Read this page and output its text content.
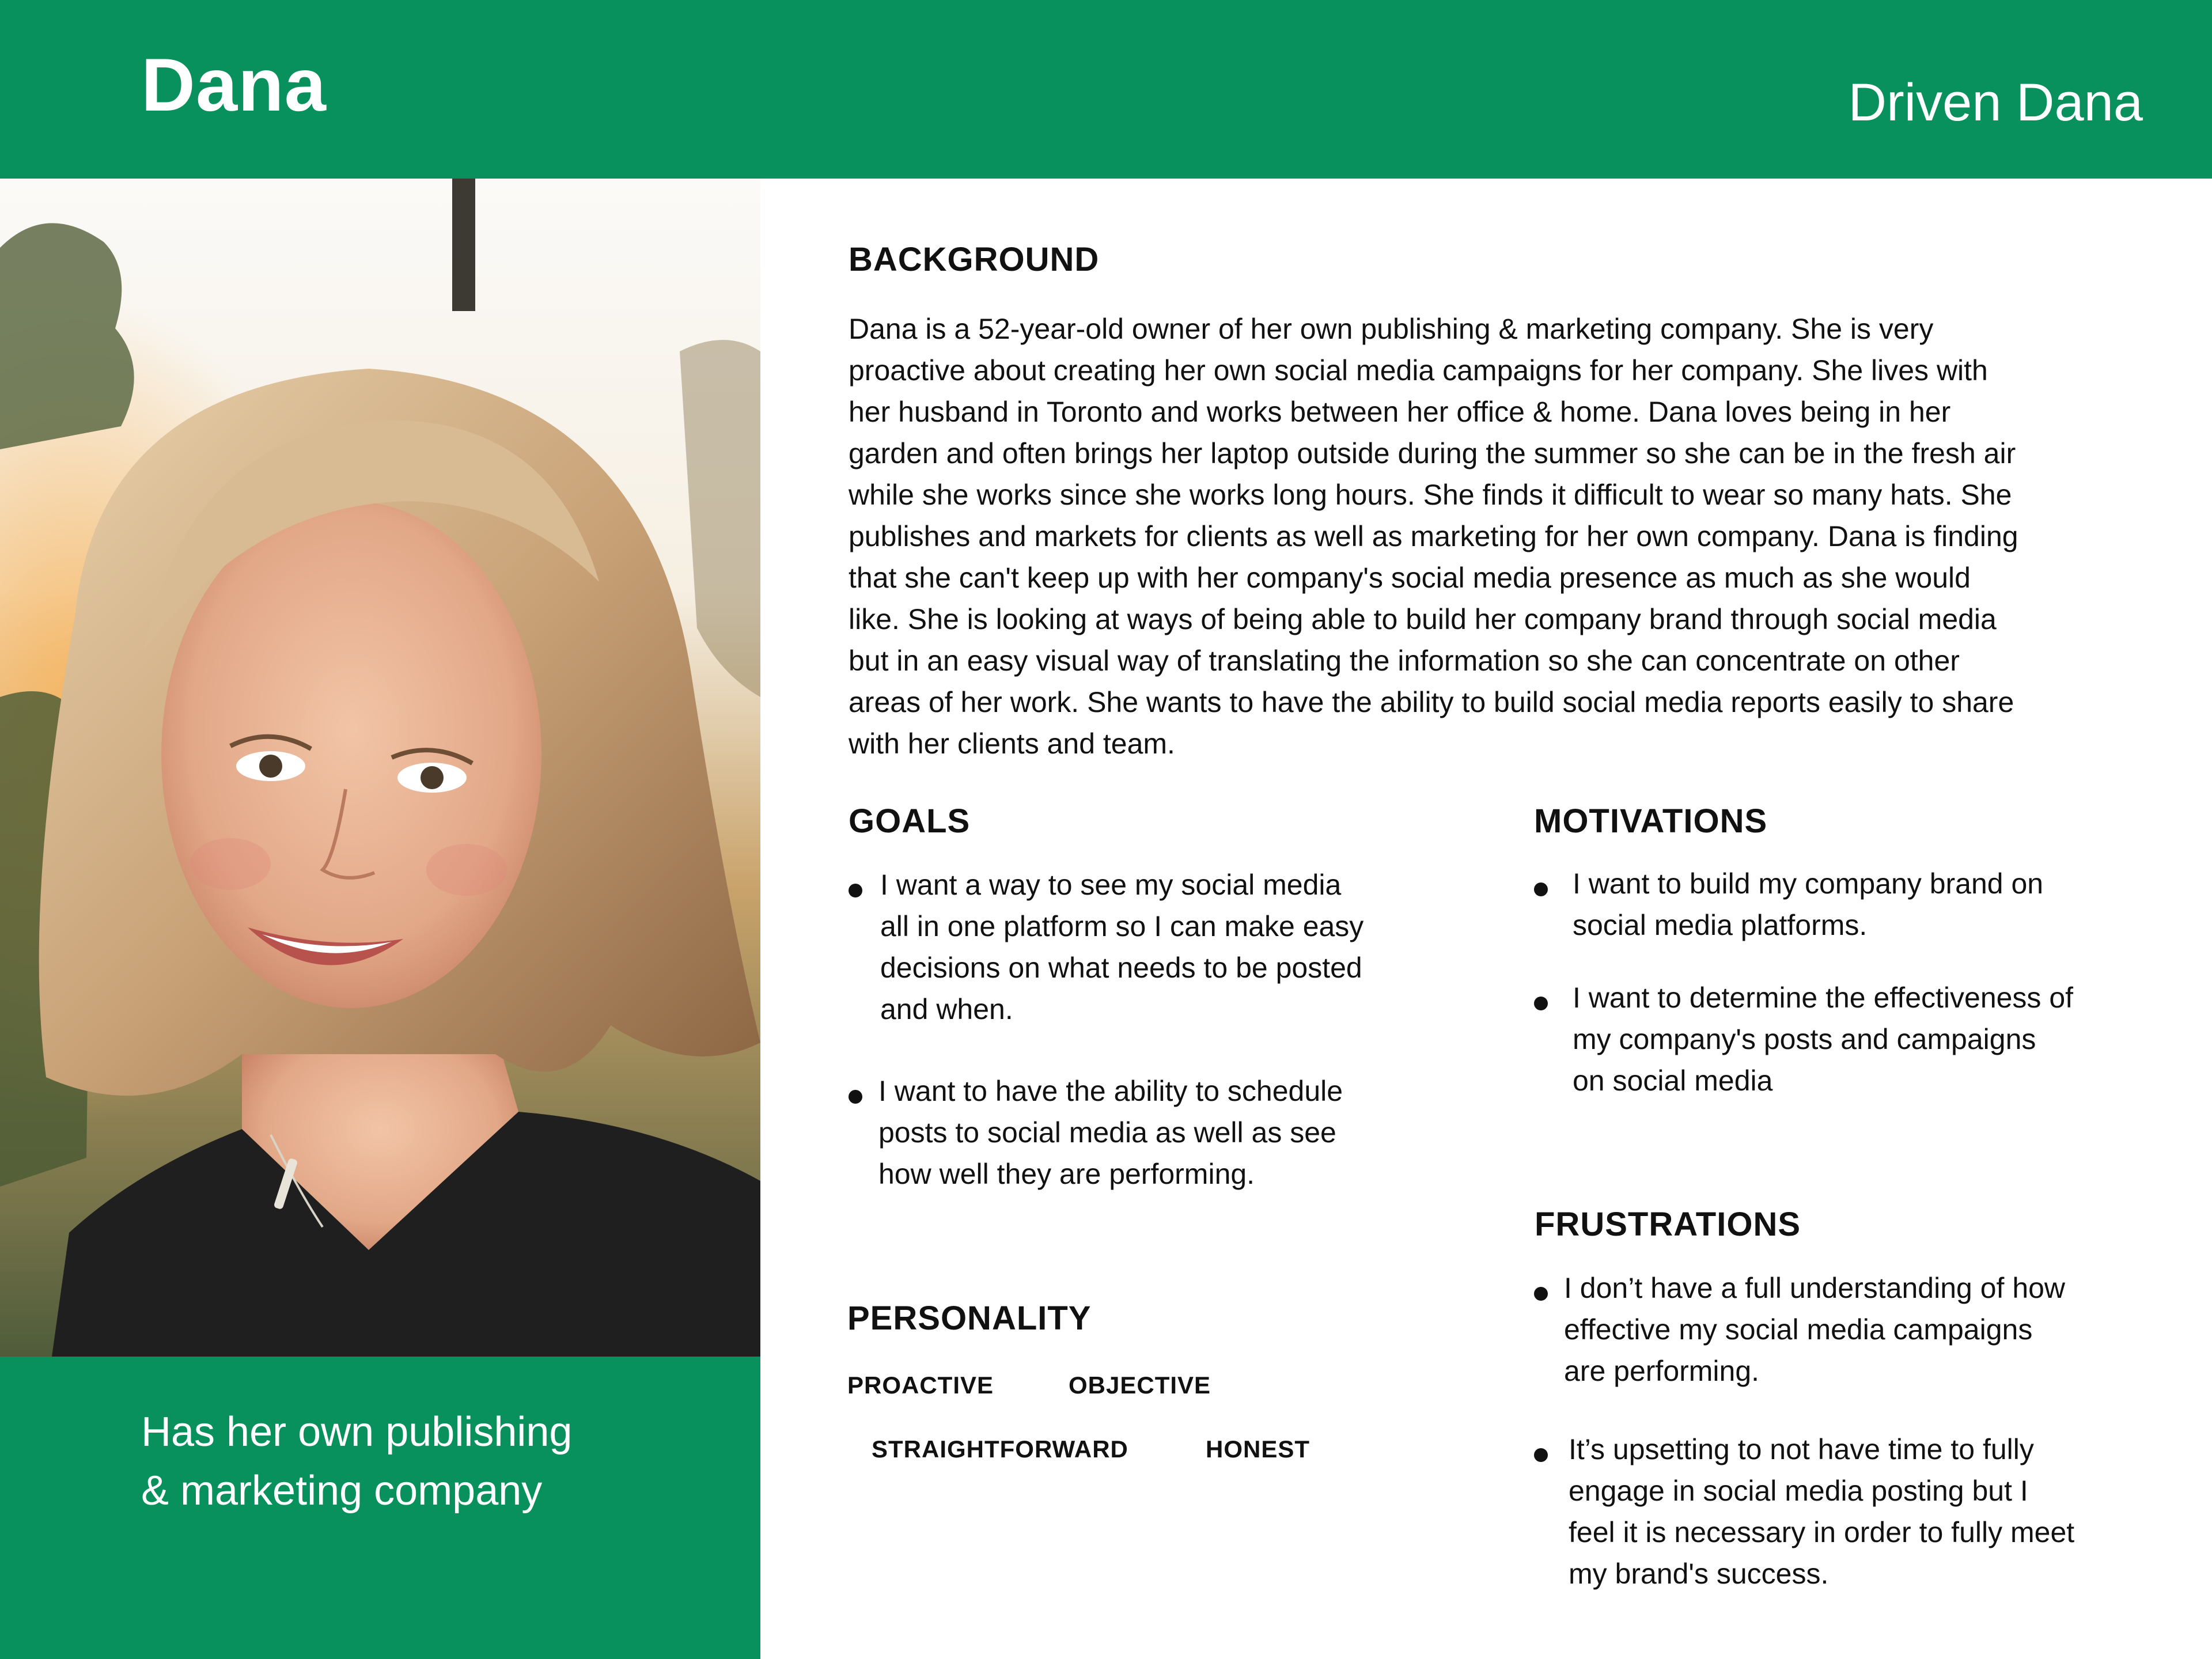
Dana	Driven Dana
Has her own publishing
& marketing company
BACKGROUND
Dana is a 52-year-old owner of her own publishing & marketing company. She is very
proactive about creating her own social media campaigns for her company. She lives with
her husband in Toronto and works between her office & home. Dana loves being in her
garden and often brings her laptop outside during the summer so she can be in the fresh air
while she works since she works long hours. She finds it difficult to wear so many hats. She
publishes and markets for clients as well as marketing for her own company. Dana is finding
that she can't keep up with her company's social media presence as much as she would
like. She is looking at ways of being able to build her company brand through social media
but in an easy visual way of translating the information so she can concentrate on other
areas of her work. She wants to have the ability to build social media reports easily to share
with her clients and team.
GOALS
I want a way to see my social media
all in one platform so I can make easy
decisions on what needs to be posted
and when.
I want to have the ability to schedule
posts to social media as well as see
how well they are performing.
MOTIVATIONS
I want to build my company brand on
social media platforms.
I want to determine the effectiveness of
my company's posts and campaigns
on social media
PERSONALITY
PROACTIVE	OBJECTIVE
STRAIGHTFORWARD	HONEST
FRUSTRATIONS
I don’t have a full understanding of how
effective my social media campaigns
are performing.
It’s upsetting to not have time to fully
engage in social media posting but I
feel it is necessary in order to fully meet
my brand's success.
